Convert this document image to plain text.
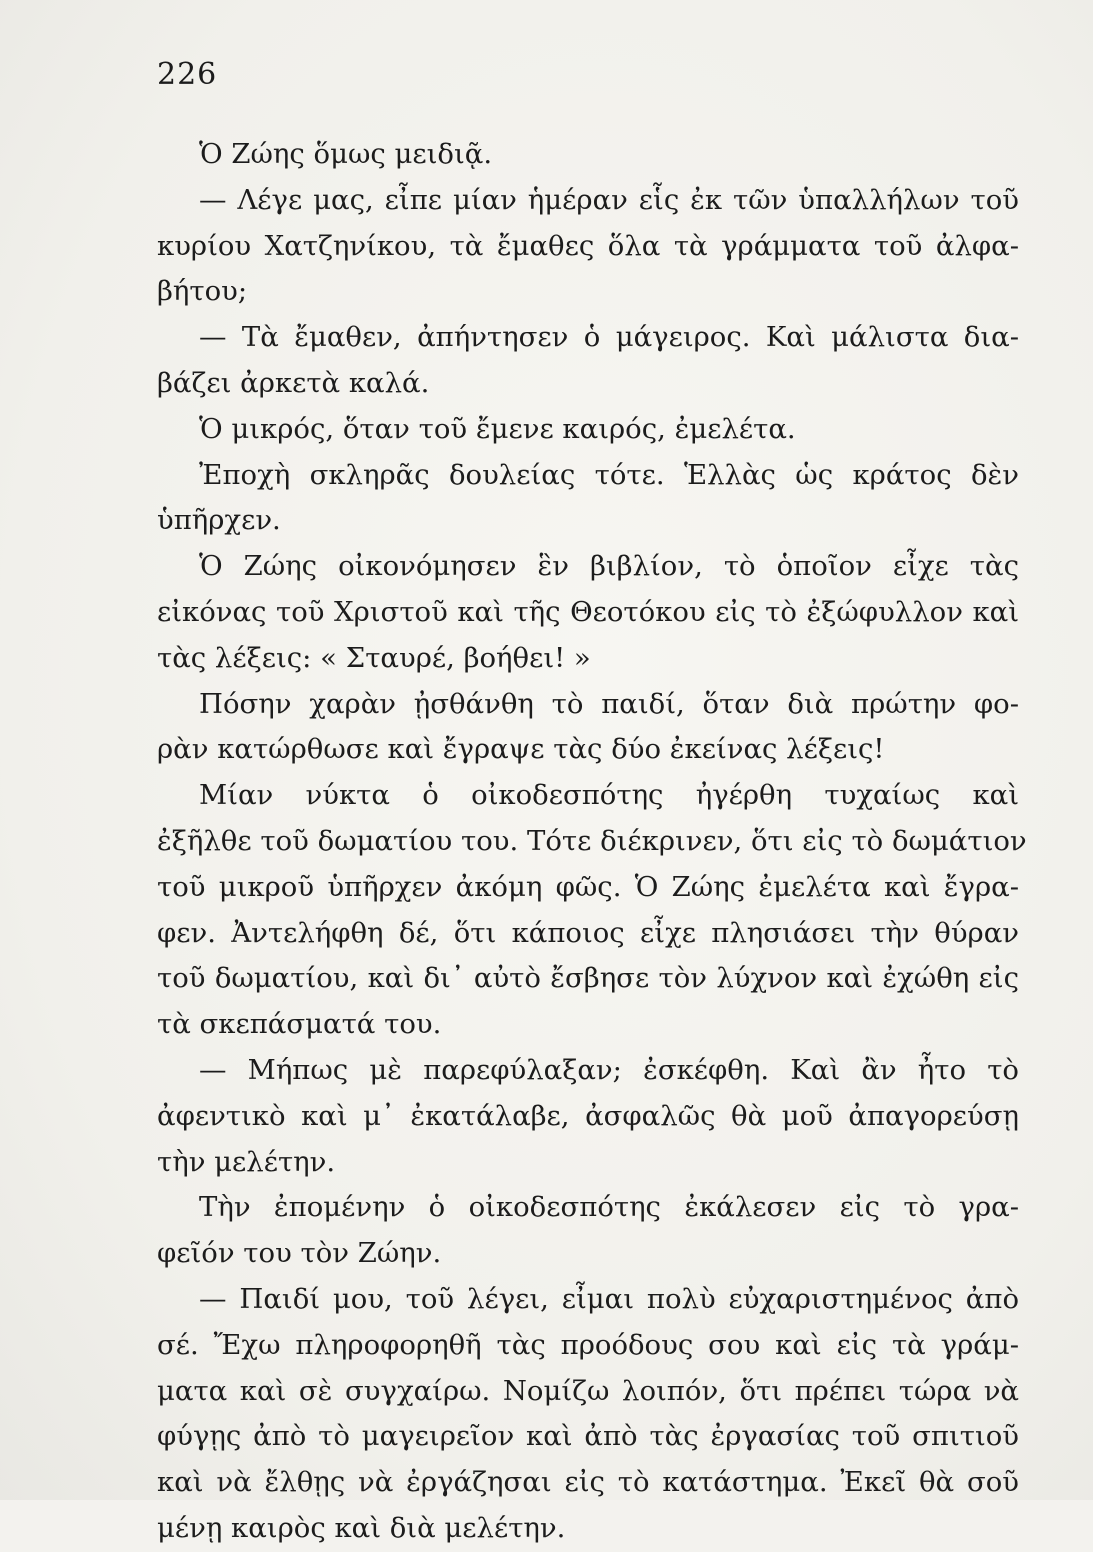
226
Ὁ Ζώης ὅμως μειδιᾷ.
— Λέγε μας, εἶπε μίαν ἡμέραν εἷς ἐκ τῶν ὑπαλλήλων τοῦ
κυρίου Χατζηνίκου, τὰ ἔμαθες ὅλα τὰ γράμματα τοῦ ἀλφα-
βήτου;
— Τὰ ἔμαθεν, ἀπήντησεν ὁ μάγειρος. Καὶ μάλιστα δια-
βάζει ἀρκετὰ καλά.
Ὁ μικρός, ὅταν τοῦ ἔμενε καιρός, ἐμελέτα.
Ἐποχὴ σκληρᾶς δουλείας τότε. Ἑλλὰς ὡς κράτος δὲν
ὑπῆρχεν.
Ὁ Ζώης οἰκονόμησεν ἓν βιβλίον, τὸ ὁποῖον εἶχε τὰς
εἰκόνας τοῦ Χριστοῦ καὶ τῆς Θεοτόκου εἰς τὸ ἐξώφυλλον καὶ
τὰς λέξεις: « Σταυρέ, βοήθει! »
Πόσην χαρὰν ᾐσθάνθη τὸ παιδί, ὅταν διὰ πρώτην φο-
ρὰν κατώρθωσε καὶ ἔγραψε τὰς δύο ἐκείνας λέξεις!
Μίαν νύκτα ὁ οἰκοδεσπότης ἠγέρθη τυχαίως καὶ
ἐξῆλθε τοῦ δωματίου του. Τότε διέκρινεν, ὅτι εἰς τὸ δωμάτιον
τοῦ μικροῦ ὑπῆρχεν ἀκόμη φῶς. Ὁ Ζώης ἐμελέτα καὶ ἔγρα-
φεν. Ἀντελήφθη δέ, ὅτι κάποιος εἶχε πλησιάσει τὴν θύραν
τοῦ δωματίου, καὶ δι᾽ αὐτὸ ἔσβησε τὸν λύχνον καὶ ἐχώθη εἰς
τὰ σκεπάσματά του.
— Μήπως μὲ παρεφύλαξαν; ἐσκέφθη. Καὶ ἂν ἦτο τὸ
ἀφεντικὸ καὶ μ᾽ ἐκατάλαβε, ἀσφαλῶς θὰ μοῦ ἀπαγορεύσῃ
τὴν μελέτην.
Τὴν ἐπομένην ὁ οἰκοδεσπότης ἐκάλεσεν εἰς τὸ γρα-
φεῖόν του τὸν Ζώην.
— Παιδί μου, τοῦ λέγει, εἶμαι πολὺ εὐχαριστημένος ἀπὸ
σέ. Ἔχω πληροφορηθῆ τὰς προόδους σου καὶ εἰς τὰ γράμ-
ματα καὶ σὲ συγχαίρω. Νομίζω λοιπόν, ὅτι πρέπει τώρα νὰ
φύγῃς ἀπὸ τὸ μαγειρεῖον καὶ ἀπὸ τὰς ἐργασίας τοῦ σπιτιοῦ
καὶ νὰ ἔλθῃς νὰ ἐργάζησαι εἰς τὸ κατάστημα. Ἐκεῖ θὰ σοῦ
μένῃ καιρὸς καὶ διὰ μελέτην.
